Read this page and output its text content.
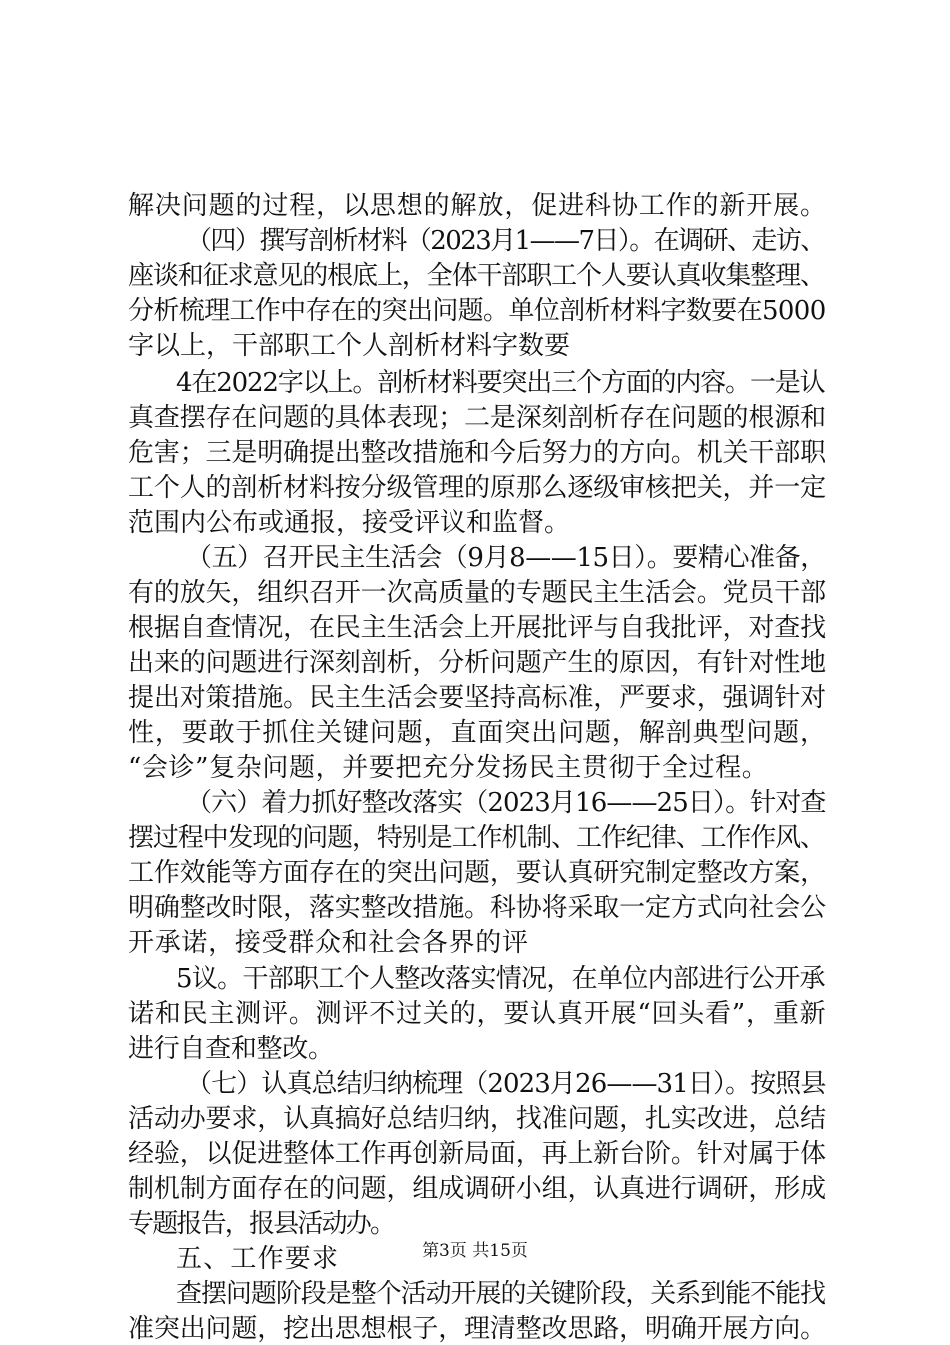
解决问题的过程，以思想的解放，促进科协工作的新开展。
（四）撰写剖析材料（2023月1——7日）。在调研、走访、
座谈和征求意见的根底上，全体干部职工个人要认真收集整理、
分析梳理工作中存在的突出问题。单位剖析材料字数要在5000
字以上，干部职工个人剖析材料字数要
4在2022字以上。剖析材料要突出三个方面的内容。一是认
真查摆存在问题的具体表现；二是深刻剖析存在问题的根源和
危害；三是明确提出整改措施和今后努力的方向。机关干部职
工个人的剖析材料按分级管理的原那么逐级审核把关，并一定
范围内公布或通报，接受评议和监督。
（五）召开民主生活会（9月8——15日）。要精心准备，
有的放矢，组织召开一次高质量的专题民主生活会。党员干部
根据自查情况，在民主生活会上开展批评与自我批评，对查找
出来的问题进行深刻剖析，分析问题产生的原因，有针对性地
提出对策措施。民主生活会要坚持高标准，严要求，强调针对
性，要敢于抓住关键问题，直面突出问题，解剖典型问题，
“会诊”复杂问题，并要把充分发扬民主贯彻于全过程。
（六）着力抓好整改落实（2023月16——25日）。针对查
摆过程中发现的问题，特别是工作机制、工作纪律、工作作风、
工作效能等方面存在的突出问题，要认真研究制定整改方案，
明确整改时限，落实整改措施。科协将采取一定方式向社会公
开承诺，接受群众和社会各界的评
5议。干部职工个人整改落实情况，在单位内部进行公开承
诺和民主测评。测评不过关的，要认真开展“回头看”，重新
进行自查和整改。
（七）认真总结归纳梳理（2023月26——31日）。按照县
活动办要求，认真搞好总结归纳，找准问题，扎实改进，总结
经验，以促进整体工作再创新局面，再上新台阶。针对属于体
制机制方面存在的问题，组成调研小组，认真进行调研，形成
专题报告，报县活动办。
五、工作要求
查摆问题阶段是整个活动开展的关键阶段，关系到能不能找
准突出问题，挖出思想根子，理清整改思路，明确开展方向。
第3页 共15页
